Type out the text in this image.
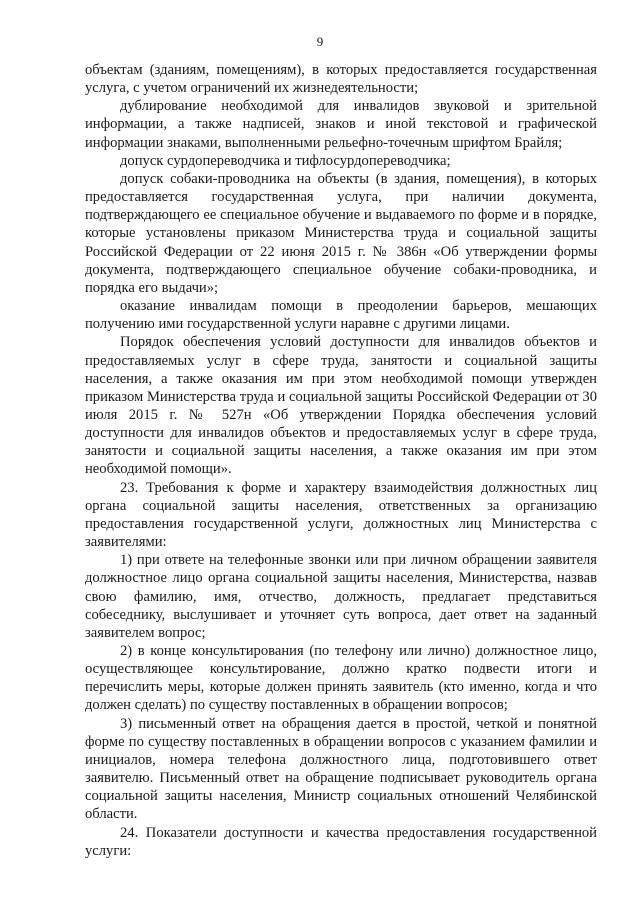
9

объектам (зданиям, помещениям), в которых предоставляется государственная услуга, с учетом ограничений их жизнедеятельности;

дублирование необходимой для инвалидов звуковой и зрительной информации, а также надписей, знаков и иной текстовой и графической информации знаками, выполненными рельефно-точечным шрифтом Брайля;

допуск сурдопереводчика и тифлосурдопереводчика;

допуск собаки-проводника на объекты (в здания, помещения), в которых предоставляется государственная услуга, при наличии документа, подтверждающего ее специальное обучение и выдаваемого по форме и в порядке, которые установлены приказом Министерства труда и социальной защиты Российской Федерации от 22 июня 2015 г. № 386н «Об утверждении формы документа, подтверждающего специальное обучение собаки-проводника, и порядка его выдачи»;

оказание инвалидам помощи в преодолении барьеров, мешающих получению ими государственной услуги наравне с другими лицами.

Порядок обеспечения условий доступности для инвалидов объектов и предоставляемых услуг в сфере труда, занятости и социальной защиты населения, а также оказания им при этом необходимой помощи утвержден приказом Министерства труда и социальной защиты Российской Федерации от 30 июля 2015 г. № 527н «Об утверждении Порядка обеспечения условий доступности для инвалидов объектов и предоставляемых услуг в сфере труда, занятости и социальной защиты населения, а также оказания им при этом необходимой помощи».

23. Требования к форме и характеру взаимодействия должностных лиц органа социальной защиты населения, ответственных за организацию предоставления государственной услуги, должностных лиц Министерства с заявителями:

1) при ответе на телефонные звонки или при личном обращении заявителя должностное лицо органа социальной защиты населения, Министерства, назвав свою фамилию, имя, отчество, должность, предлагает представиться собеседнику, выслушивает и уточняет суть вопроса, дает ответ на заданный заявителем вопрос;

2) в конце консультирования (по телефону или лично) должностное лицо, осуществляющее консультирование, должно кратко подвести итоги и перечислить меры, которые должен принять заявитель (кто именно, когда и что должен сделать) по существу поставленных в обращении вопросов;

3) письменный ответ на обращения дается в простой, четкой и понятной форме по существу поставленных в обращении вопросов с указанием фамилии и инициалов, номера телефона должностного лица, подготовившего ответ заявителю. Письменный ответ на обращение подписывает руководитель органа социальной защиты населения, Министр социальных отношений Челябинской области.

24. Показатели доступности и качества предоставления государственной услуги:
